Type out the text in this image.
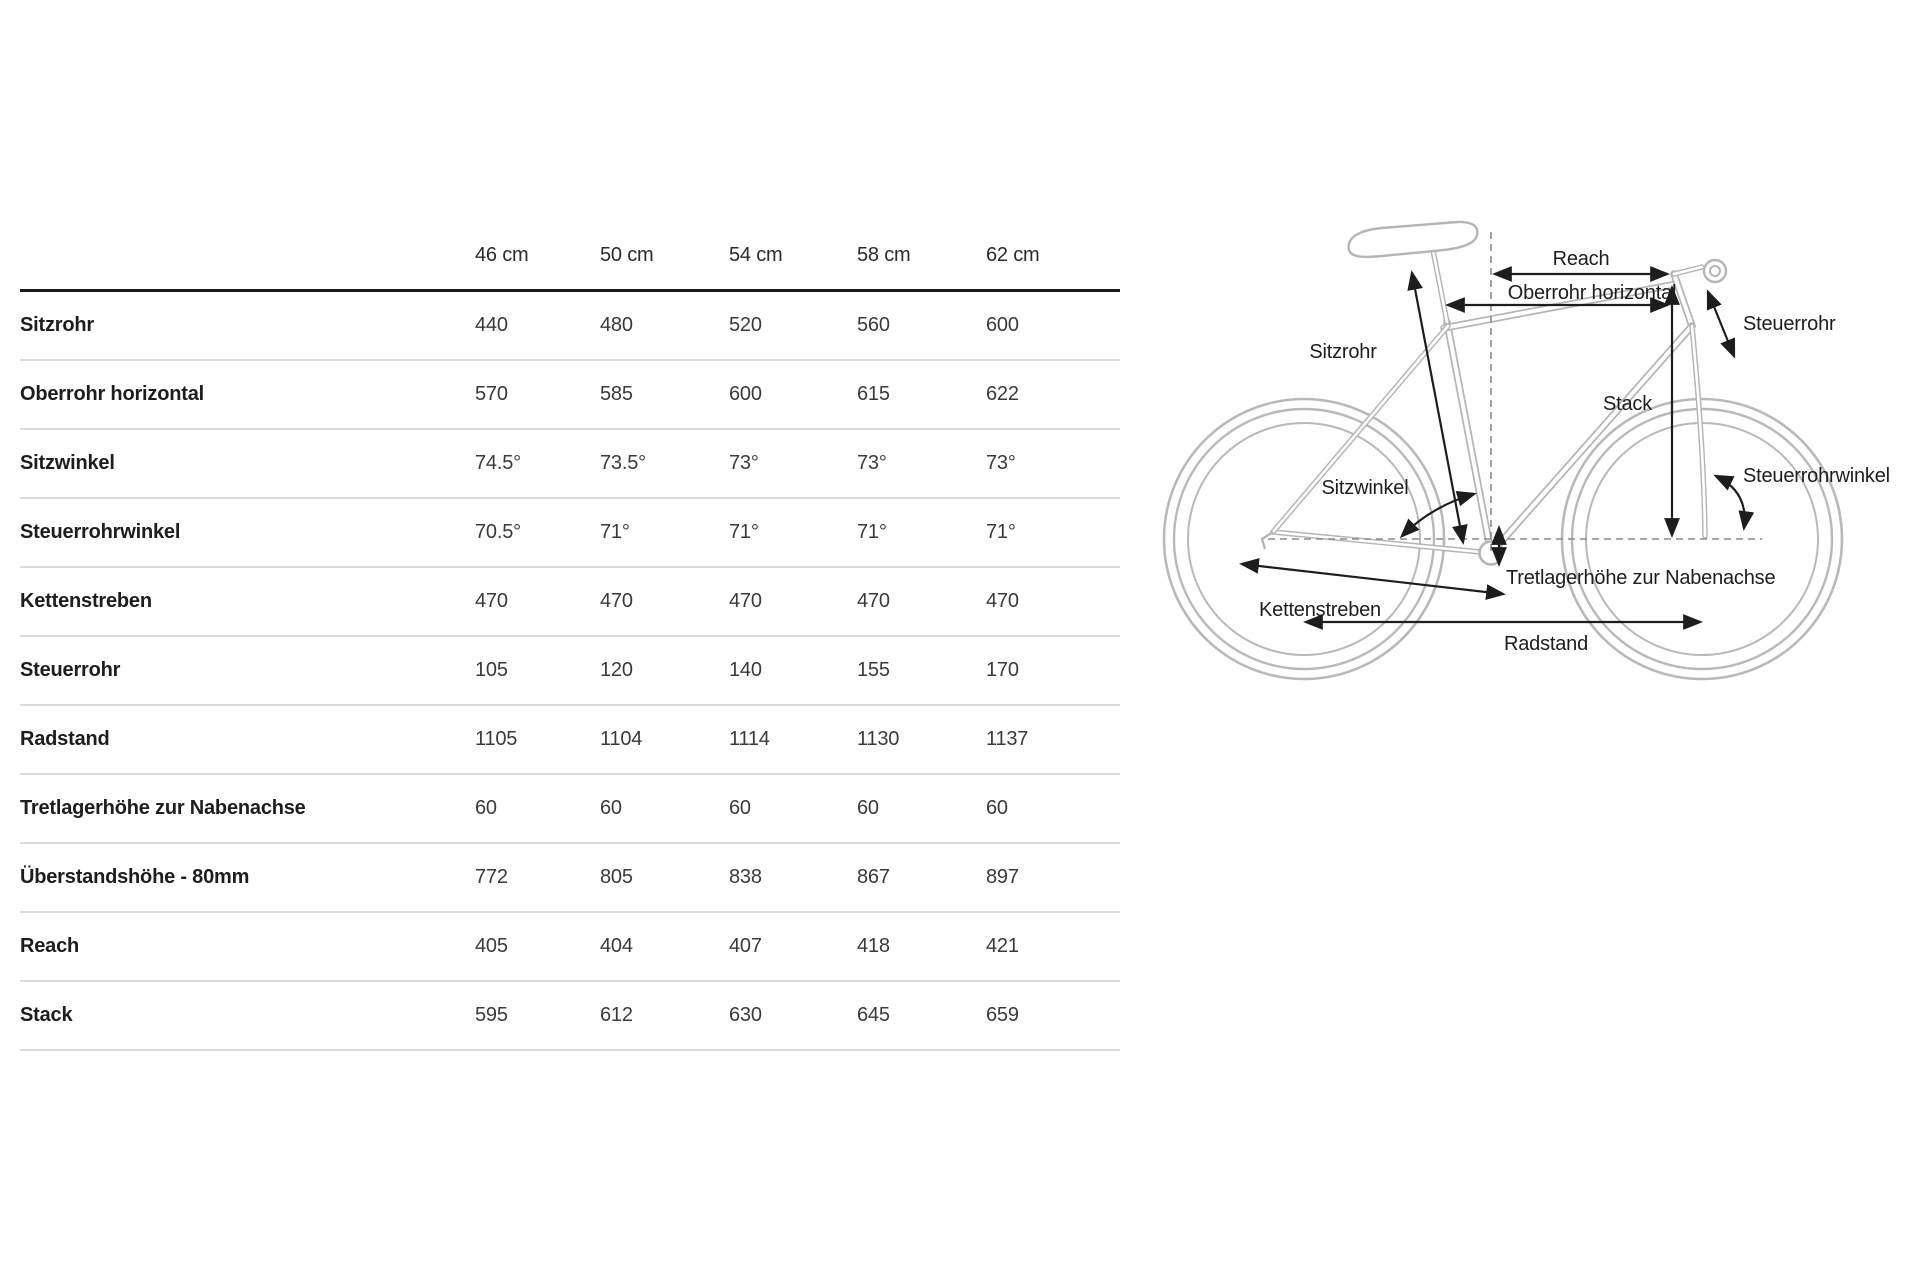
	46 cm	50 cm	54 cm	58 cm	62 cm
Sitzrohr	440	480	520	560	600
Oberrohr horizontal	570	585	600	615	622
Sitzwinkel	74.5°	73.5°	73°	73°	73°
Steuerrohrwinkel	70.5°	71°	71°	71°	71°
Kettenstreben	470	470	470	470	470
Steuerrohr	105	120	140	155	170
Radstand	1105	1104	1114	1130	1137
Tretlagerhöhe zur Nabenachse	60	60	60	60	60
Überstandshöhe - 80mm	772	805	838	867	897
Reach	405	404	407	418	421
Stack	595	612	630	645	659
Reach
Oberrohr horizontal
Steuerrohr
Sitzrohr
Stack
Steuerrohrwinkel
Sitzwinkel
Tretlagerhöhe zur Nabenachse
Kettenstreben
Radstand
